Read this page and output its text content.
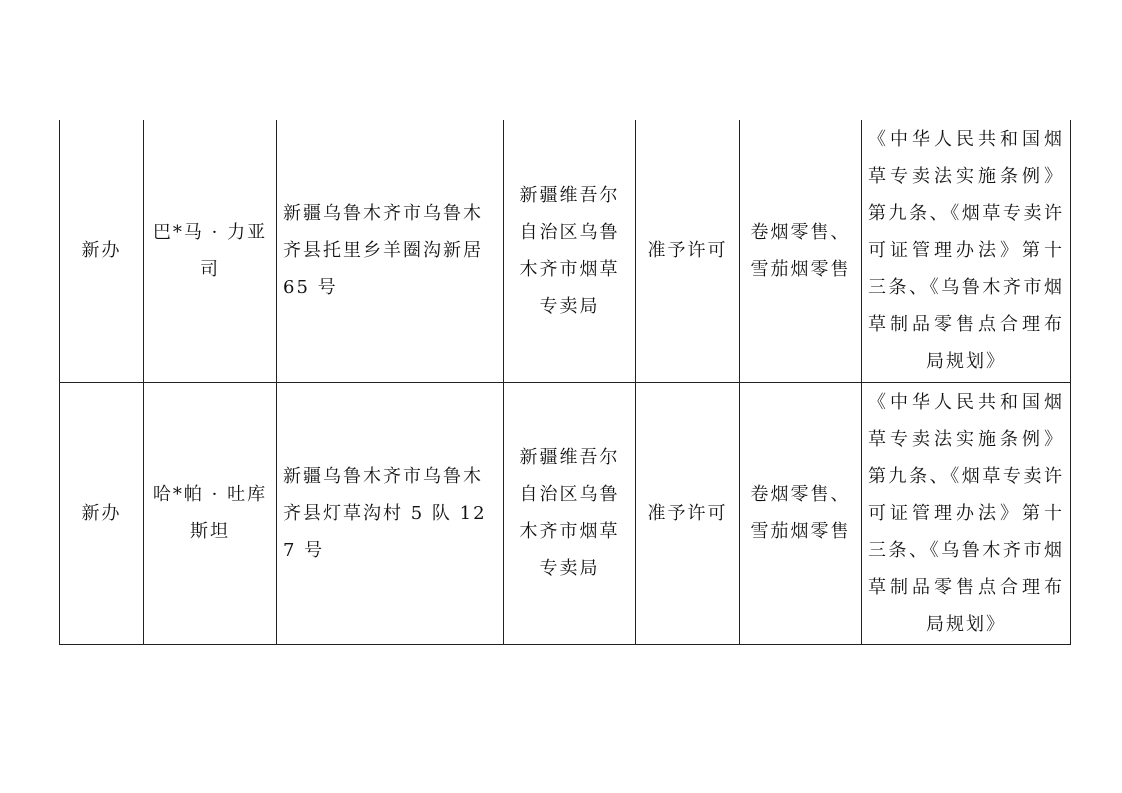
新办	巴*马 · 力亚司	新疆乌鲁木齐市乌鲁木齐县托里乡羊圈沟新居 65 号	新疆维吾尔自治区乌鲁木齐市烟草专卖局	准予许可	卷烟零售、雪茄烟零售	《中华人民共和国烟草专卖法实施条例》第九条、《烟草专卖许可证管理办法》第十三条、《乌鲁木齐市烟草制品零售点合理布局规划》
新办	哈*帕 · 吐库斯坦	新疆乌鲁木齐市乌鲁木齐县灯草沟村 5 队 127 号	新疆维吾尔自治区乌鲁木齐市烟草专卖局	准予许可	卷烟零售、雪茄烟零售	《中华人民共和国烟草专卖法实施条例》第九条、《烟草专卖许可证管理办法》第十三条、《乌鲁木齐市烟草制品零售点合理布局规划》
